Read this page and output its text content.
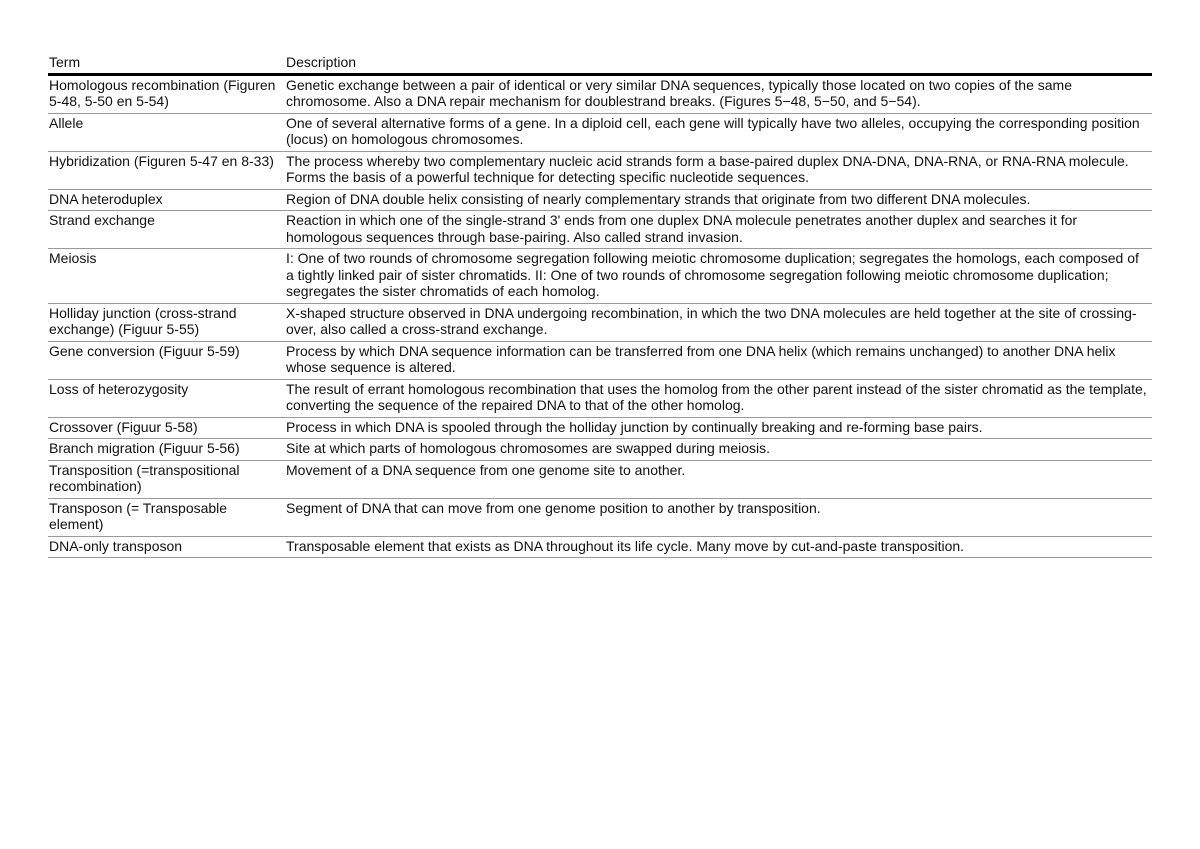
Term	Description
Homologous recombination (Figuren 5-48, 5-50 en 5-54)	Genetic exchange between a pair of identical or very similar DNA sequences, typically those located on two copies of the same chromosome. Also a DNA repair mechanism for doublestrand breaks. (Figures 5−48, 5−50, and 5−54).
Allele	One of several alternative forms of a gene. In a diploid cell, each gene will typically have two alleles, occupying the corresponding position (locus) on homologous chromosomes.
Hybridization (Figuren 5-47 en 8-33)	The process whereby two complementary nucleic acid strands form a base-paired duplex DNA-DNA, DNA-RNA, or RNA-RNA molecule. Forms the basis of a powerful technique for detecting specific nucleotide sequences.
DNA heteroduplex	Region of DNA double helix consisting of nearly complementary strands that originate from two different DNA molecules.
Strand exchange	Reaction in which one of the single-strand 3' ends from one duplex DNA molecule penetrates another duplex and searches it for homologous sequences through base-pairing. Also called strand invasion.
Meiosis	I: One of two rounds of chromosome segregation following meiotic chromosome duplication; segregates the homologs, each composed of a tightly linked pair of sister chromatids. II: One of two rounds of chromosome segregation following meiotic chromosome duplication; segregates the sister chromatids of each homolog.
Holliday junction (cross-strand exchange) (Figuur 5-55)	X-shaped structure observed in DNA undergoing recombination, in which the two DNA molecules are held together at the site of crossing-over, also called a cross-strand exchange.
Gene conversion (Figuur 5-59)	Process by which DNA sequence information can be transferred from one DNA helix (which remains unchanged) to another DNA helix whose sequence is altered.
Loss of heterozygosity	The result of errant homologous recombination that uses the homolog from the other parent instead of the sister chromatid as the template, converting the sequence of the repaired DNA to that of the other homolog.
Crossover (Figuur 5-58)	Process in which DNA is spooled through the holliday junction by continually breaking and re-forming base pairs.
Branch migration (Figuur 5-56)	Site at which parts of homologous chromosomes are swapped during meiosis.
Transposition (=transpositional recombination)	Movement of a DNA sequence from one genome site to another.
Transposon (= Transposable element)	Segment of DNA that can move from one genome position to another by transposition.
DNA-only transposon	Transposable element that exists as DNA throughout its life cycle. Many move by cut-and-paste transposition.
